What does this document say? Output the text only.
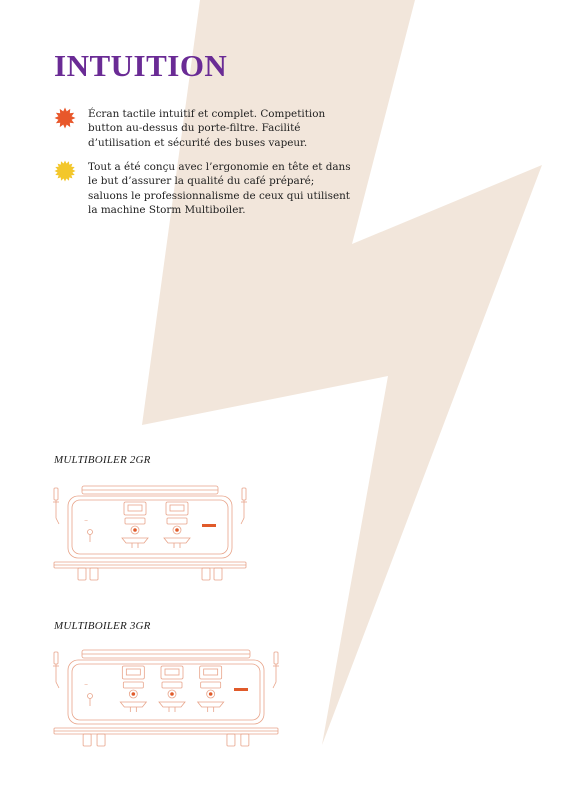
INTUITION
Écran tactile intuitif et complet. Competition button au-dessus du porte-filtre. Facilité d’utilisation et sécurité des buses vapeur.
Tout a été conçu avec l’ergonomie en tête et dans le but d’assurer la qualité du café préparé; saluons le professionnalisme de ceux qui utilisent la machine Storm Multiboiler.

MULTIBOILER 2GR

~

MULTIBOILER 3GR

~
